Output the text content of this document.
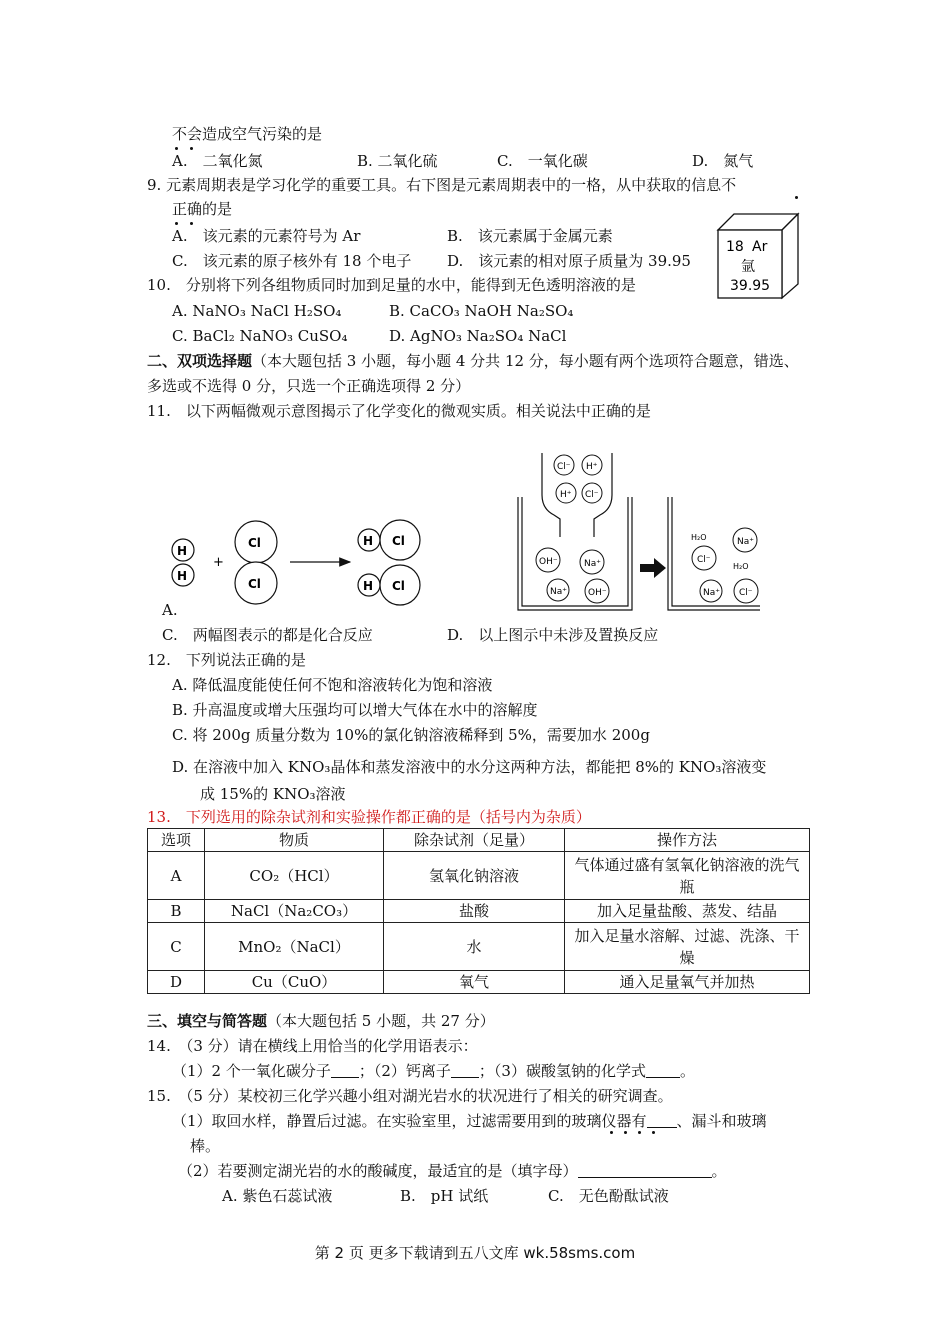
不会造成空气污染的是
A.　二氧化氮	B. 二氧化硫	C.　一氧化碳	D.　氮气
9. 元素周期表是学习化学的重要工具。右下图是元素周期表中的一格，从中获取的信息不
正确的是
A.　该元素的元素符号为 Ar	B.　该元素属于金属元素
C.　该元素的原子核外有 18 个电子 D.　该元素的相对原子质量为 39.95
18 Ar
氩
39.95
10.　分别将下列各组物质同时加到足量的水中，能得到无色透明溶液的是
A. NaNO₃ NaCl H₂SO₄	B. CaCO₃ NaOH Na₂SO₄
C. BaCl₂ NaNO₃ CuSO₄	D. AgNO₃ Na₂SO₄ NaCl
二、双项选择题（本大题包括 3 小题，每小题 4 分共 12 分，每小题有两个选项符合题意，错选、
多选或不选得 0 分，只选一个正确选项得 2 分）
11.　以下两幅微观示意图揭示了化学变化的微观实质。相关说法中正确的是
H
H
+
Cl
Cl
H Cl
H Cl
Cl⁻ H⁺
H⁺ Cl⁻
OH⁻	Na⁺
Na⁺ OH⁻
H₂O
Cl⁻
Na⁺
H₂O
Na⁺ Cl⁻
A.
C.　两幅图表示的都是化合反应	D.　以上图示中未涉及置换反应
12.　下列说法正确的是
A. 降低温度能使任何不饱和溶液转化为饱和溶液
B. 升高温度或增大压强均可以增大气体在水中的溶解度
C. 将 200g 质量分数为 10%的氯化钠溶液稀释到 5%，需要加水 200g
D. 在溶液中加入 KNO₃晶体和蒸发溶液中的水分这两种方法，都能把 8%的 KNO₃溶液变
成 15%的 KNO₃溶液
13.　下列选用的除杂试剂和实验操作都正确的是（括号内为杂质）
选项	物质	除杂试剂（足量）	操作方法
A	CO₂（HCl）	氢氧化钠溶液	气体通过盛有氢氧化钠溶液的洗气瓶
B	NaCl（Na₂CO₃）	盐酸	加入足量盐酸、蒸发、结晶
C	MnO₂（NaCl）	水	加入足量水溶解、过滤、洗涤、干燥
D	Cu（CuO）	氧气	通入足量氧气并加热
三、填空与简答题（本大题包括 5 小题，共 27 分）
14.　（3 分）请在横线上用恰当的化学用语表示：
（1）2 个一氧化碳分子 ；（2）钙离子 ；（3）碳酸氢钠的化学式 。
15.　（5 分）某校初三化学兴趣小组对湖光岩水的状况进行了相关的研究调查。
（1）取回水样，静置后过滤。在实验室里，过滤需要用到的玻璃仪器有 、漏斗和玻璃
棒。
（2）若要测定湖光岩的水的酸碱度，最适宜的是（填字母）	。
A. 紫色石蕊试液	B.　pH 试纸	C.　无色酚酞试液
第 2 页 更多下载请到五八文库 wk.58sms.com
